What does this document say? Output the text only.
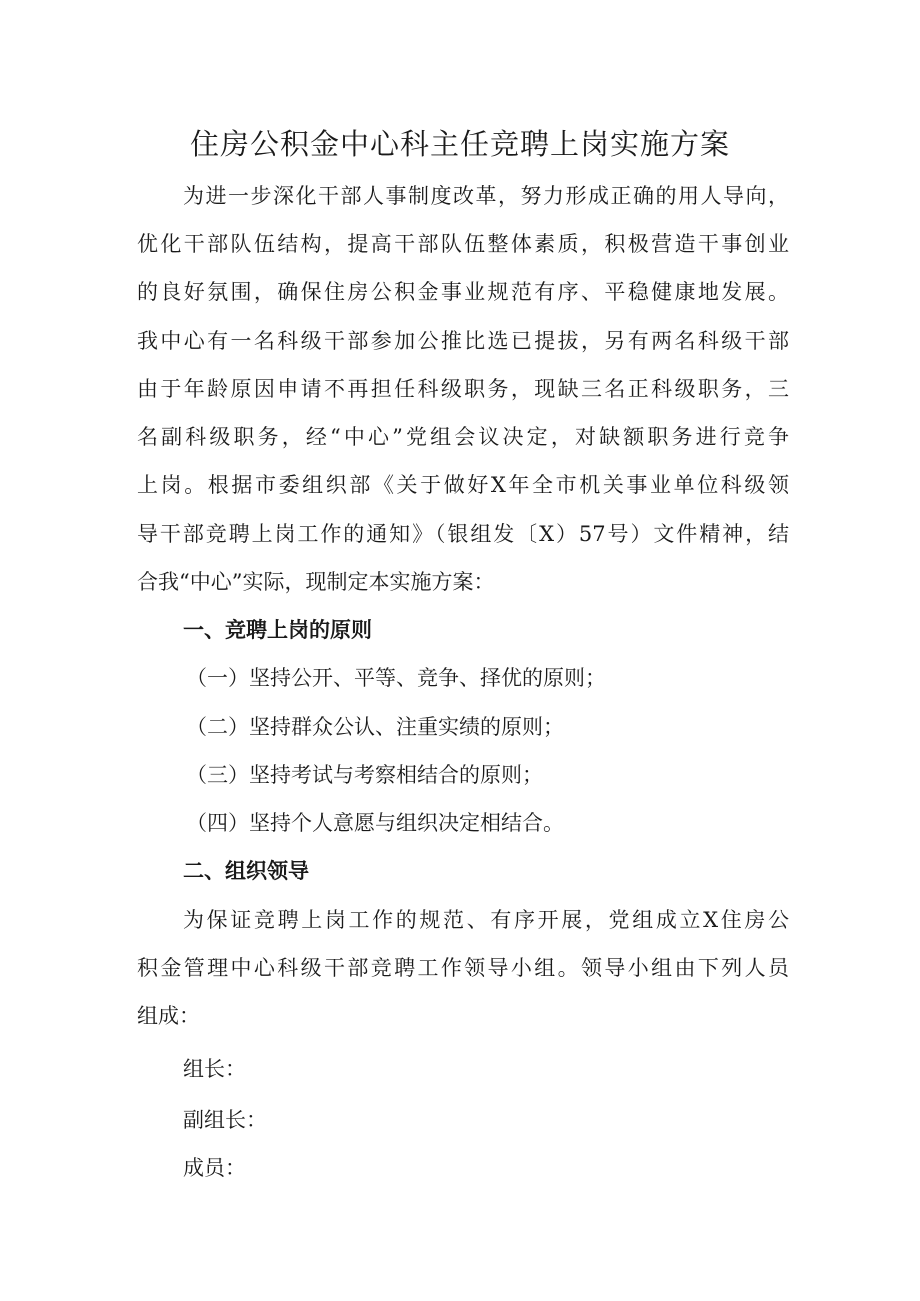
住房公积金中心科主任竞聘上岗实施方案
为进一步深化干部人事制度改革，努力形成正确的用人导向，
优化干部队伍结构，提高干部队伍整体素质，积极营造干事创业
的良好氛围，确保住房公积金事业规范有序、平稳健康地发展。
我中心有一名科级干部参加公推比选已提拔，另有两名科级干部
由于年龄原因申请不再担任科级职务，现缺三名正科级职务，三
名副科级职务，经“中心”党组会议决定，对缺额职务进行竞争
上岗。根据市委组织部《关于做好X年全市机关事业单位科级领
导干部竞聘上岗工作的通知》（银组发〔X）57号）文件精神，结
合我“中心”实际，现制定本实施方案：
一、竞聘上岗的原则
（一）坚持公开、平等、竞争、择优的原则；
（二）坚持群众公认、注重实绩的原则；
（三）坚持考试与考察相结合的原则；
（四）坚持个人意愿与组织决定相结合。
二、组织领导
为保证竞聘上岗工作的规范、有序开展，党组成立X住房公
积金管理中心科级干部竞聘工作领导小组。领导小组由下列人员
组成：
组长：
副组长：
成员：
